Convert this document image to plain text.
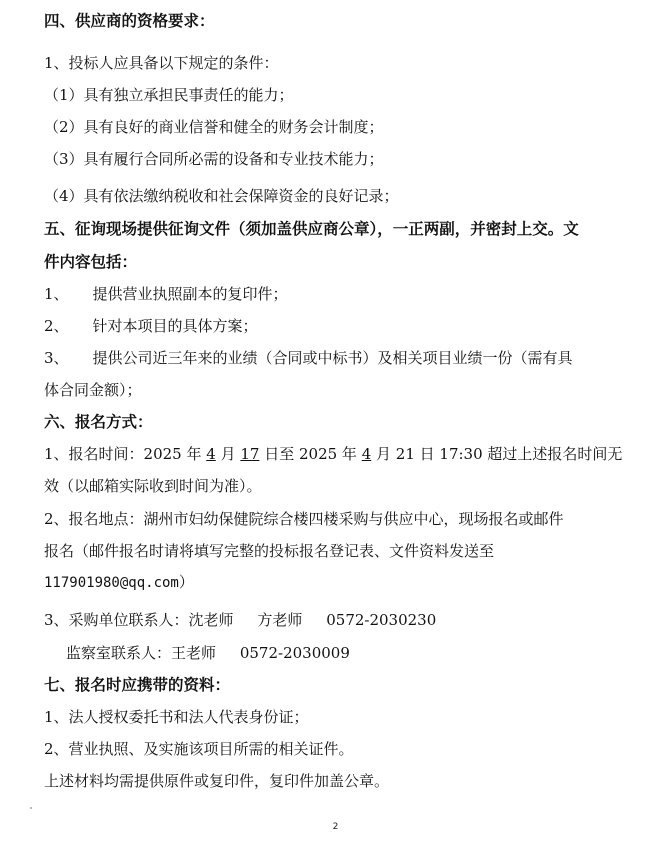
四、供应商的资格要求：
1、投标人应具备以下规定的条件：
（1）具有独立承担民事责任的能力；
（2）具有良好的商业信誉和健全的财务会计制度；
（3）具有履行合同所必需的设备和专业技术能力；
（4）具有依法缴纳税收和社会保障资金的良好记录；
五、征询现场提供征询文件（须加盖供应商公章），一正两副，并密封上交。文
件内容包括：
1、 提供营业执照副本的复印件；
2、 针对本项目的具体方案；
3、 提供公司近三年来的业绩（合同或中标书）及相关项目业绩一份（需有具
体合同金额）；
六、报名方式：
1、报名时间：2025 年 4 月 17 日至 2025 年 4 月 21 日 17:30 超过上述报名时间无
效（以邮箱实际收到时间为准）。
2、报名地点：湖州市妇幼保健院综合楼四楼采购与供应中心，现场报名或邮件
报名（邮件报名时请将填写完整的投标报名登记表、文件资料发送至
117901980@qq.com）
3、采购单位联系人：沈老师     方老师     0572-2030230
监察室联系人：王老师     0572-2030009
七、报名时应携带的资料：
1、法人授权委托书和法人代表身份证；
2、营业执照、及实施该项目所需的相关证件。
上述材料均需提供原件或复印件，复印件加盖公章。
2
